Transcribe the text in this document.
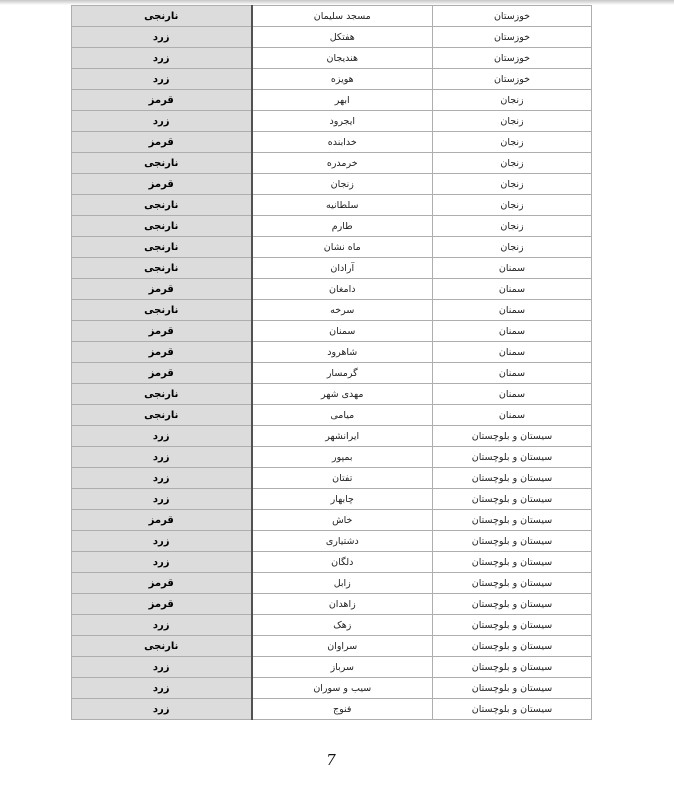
خوزستان	مسجد سلیمان	نارنجی
خوزستان	هفتکل	زرد
خوزستان	هندیجان	زرد
خوزستان	هویزه	زرد
زنجان	ابهر	قرمز
زنجان	ایجرود	زرد
زنجان	خدابنده	قرمز
زنجان	خرمدره	نارنجی
زنجان	زنجان	قرمز
زنجان	سلطانیه	نارنجی
زنجان	طارم	نارنجی
زنجان	ماه نشان	نارنجی
سمنان	آرادان	نارنجی
سمنان	دامغان	قرمز
سمنان	سرخه	نارنجی
سمنان	سمنان	قرمز
سمنان	شاهرود	قرمز
سمنان	گرمسار	قرمز
سمنان	مهدی شهر	نارنجی
سمنان	میامی	نارنجی
سیستان و بلوچستان	ایرانشهر	زرد
سیستان و بلوچستان	بمپور	زرد
سیستان و بلوچستان	تفتان	زرد
سیستان و بلوچستان	چابهار	زرد
سیستان و بلوچستان	خاش	قرمز
سیستان و بلوچستان	دشتیاری	زرد
سیستان و بلوچستان	دلگان	زرد
سیستان و بلوچستان	زابل	قرمز
سیستان و بلوچستان	زاهدان	قرمز
سیستان و بلوچستان	زهک	زرد
سیستان و بلوچستان	سراوان	نارنجی
سیستان و بلوچستان	سرباز	زرد
سیستان و بلوچستان	سیب و سوران	زرد
سیستان و بلوچستان	فنوج	زرد
7
